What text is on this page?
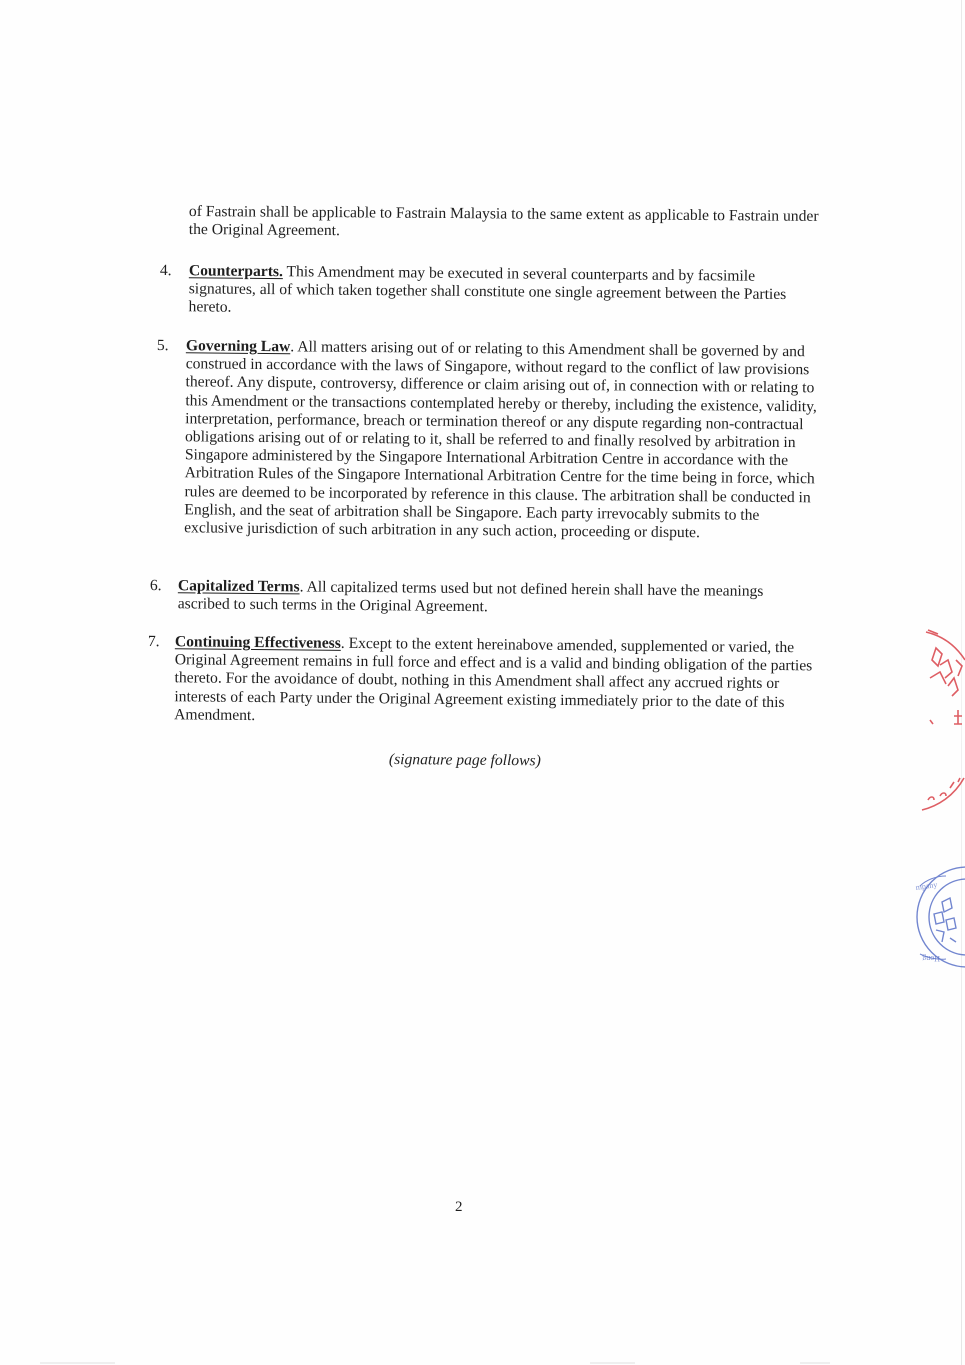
of Fastrain shall be applicable to Fastrain Malaysia to the same extent as applicable to Fastrain under the Original Agreement.

4. Counterparts. This Amendment may be executed in several counterparts and by facsimile signatures, all of which taken together shall constitute one single agreement between the Parties hereto.

5. Governing Law. All matters arising out of or relating to this Amendment shall be governed by and construed in accordance with the laws of Singapore, without regard to the conflict of law provisions thereof. Any dispute, controversy, difference or claim arising out of, in connection with or relating to this Amendment or the transactions contemplated hereby or thereby, including the existence, validity, interpretation, performance, breach or termination thereof or any dispute regarding non-contractual obligations arising out of or relating to it, shall be referred to and finally resolved by arbitration in Singapore administered by the Singapore International Arbitration Centre in accordance with the Arbitration Rules of the Singapore International Arbitration Centre for the time being in force, which rules are deemed to be incorporated by reference in this clause. The arbitration shall be conducted in English, and the seat of arbitration shall be Singapore. Each party irrevocably submits to the exclusive jurisdiction of such arbitration in any such action, proceeding or dispute.

6. Capitalized Terms. All capitalized terms used but not defined herein shall have the meanings ascribed to such terms in the Original Agreement.

7. Continuing Effectiveness. Except to the extent hereinabove amended, supplemented or varied, the Original Agreement remains in full force and effect and is a valid and binding obligation of the parties thereto. For the avoidance of doubt, nothing in this Amendment shall affect any accrued rights or interests of each Party under the Original Agreement existing immediately prior to the date of this Amendment.

(signature page follows)
2
mpany
Hong
